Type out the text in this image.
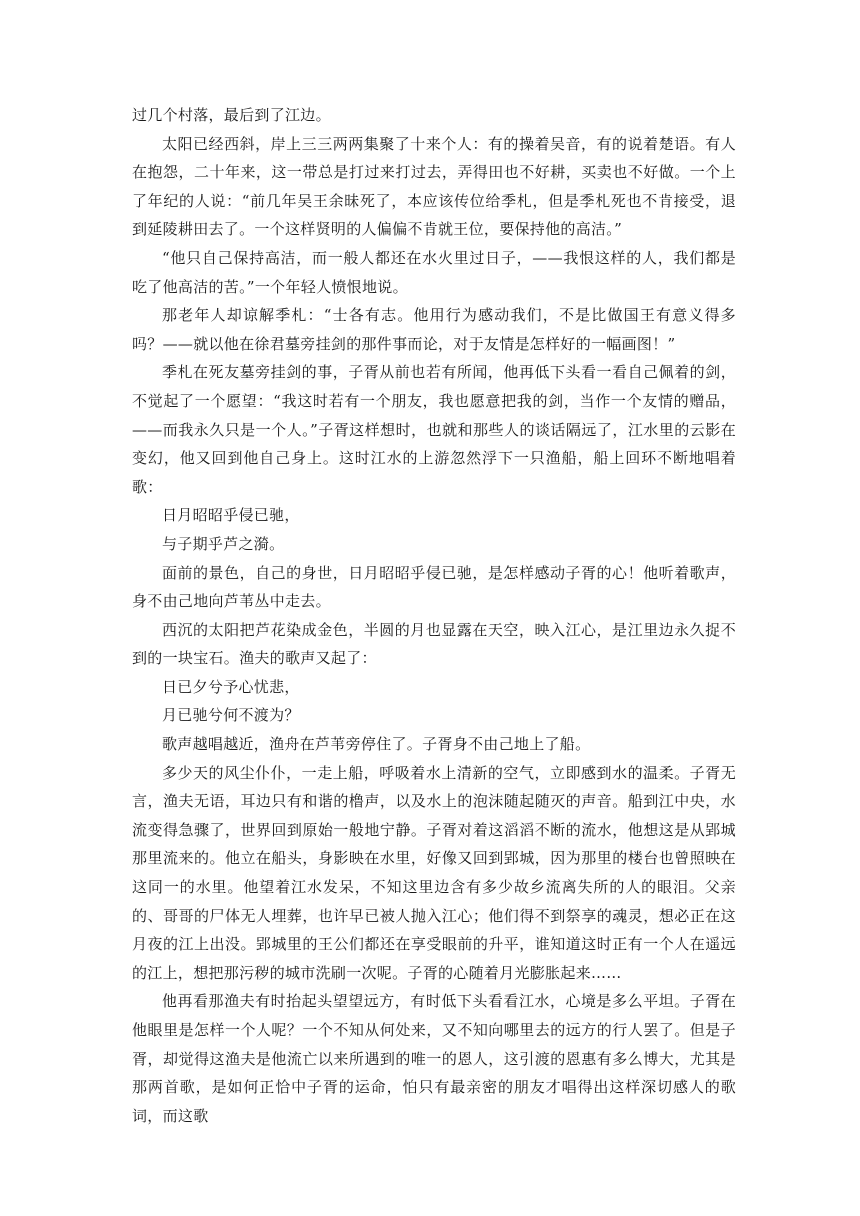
过几个村落，最后到了江边。

太阳已经西斜，岸上三三两两集聚了十来个人：有的操着吴音，有的说着楚语。有人在抱怨，二十年来，这一带总是打过来打过去，弄得田也不好耕，买卖也不好做。一个上了年纪的人说：“前几年吴王余昧死了，本应该传位给季札，但是季札死也不肯接受，退到延陵耕田去了。一个这样贤明的人偏偏不肯就王位，要保持他的高洁。”

“他只自己保持高洁，而一般人都还在水火里过日子，——我恨这样的人，我们都是吃了他高洁的苦。”一个年轻人愤恨地说。

那老年人却谅解季札：“士各有志。他用行为感动我们，不是比做国王有意义得多吗？——就以他在徐君墓旁挂剑的那件事而论，对于友情是怎样好的一幅画图！”

季札在死友墓旁挂剑的事，子胥从前也若有所闻，他再低下头看一看自己佩着的剑，不觉起了一个愿望：“我这时若有一个朋友，我也愿意把我的剑，当作一个友情的赠品，——而我永久只是一个人。”子胥这样想时，也就和那些人的谈话隔远了，江水里的云影在变幻，他又回到他自己身上。这时江水的上游忽然浮下一只渔船，船上回环不断地唱着歌：

日月昭昭乎侵已驰，

与子期乎芦之漪。

面前的景色，自己的身世，日月昭昭乎侵已驰，是怎样感动子胥的心！他听着歌声，身不由己地向芦苇丛中走去。

西沉的太阳把芦花染成金色，半圆的月也显露在天空，映入江心，是江里边永久捉不到的一块宝石。渔夫的歌声又起了：

日已夕兮予心忧悲，

月已驰兮何不渡为？

歌声越唱越近，渔舟在芦苇旁停住了。子胥身不由己地上了船。

多少天的风尘仆仆，一走上船，呼吸着水上清新的空气，立即感到水的温柔。子胥无言，渔夫无语，耳边只有和谐的橹声，以及水上的泡沫随起随灭的声音。船到江中央，水流变得急骤了，世界回到原始一般地宁静。子胥对着这滔滔不断的流水，他想这是从郢城那里流来的。他立在船头，身影映在水里，好像又回到郢城，因为那里的楼台也曾照映在这同一的水里。他望着江水发呆，不知这里边含有多少故乡流离失所的人的眼泪。父亲的、哥哥的尸体无人埋葬，也许早已被人抛入江心；他们得不到祭享的魂灵，想必正在这月夜的江上出没。郢城里的王公们都还在享受眼前的升平，谁知道这时正有一个人在遥远的江上，想把那污秽的城市洗刷一次呢。子胥的心随着月光膨胀起来……

他再看那渔夫有时抬起头望望远方，有时低下头看看江水，心境是多么平坦。子胥在他眼里是怎样一个人呢？一个不知从何处来，又不知向哪里去的远方的行人罢了。但是子胥，却觉得这渔夫是他流亡以来所遇到的唯一的恩人，这引渡的恩惠有多么博大，尤其是那两首歌，是如何正恰中子胥的运命，怕只有最亲密的朋友才唱得出这样深切感人的歌词，而这歌
